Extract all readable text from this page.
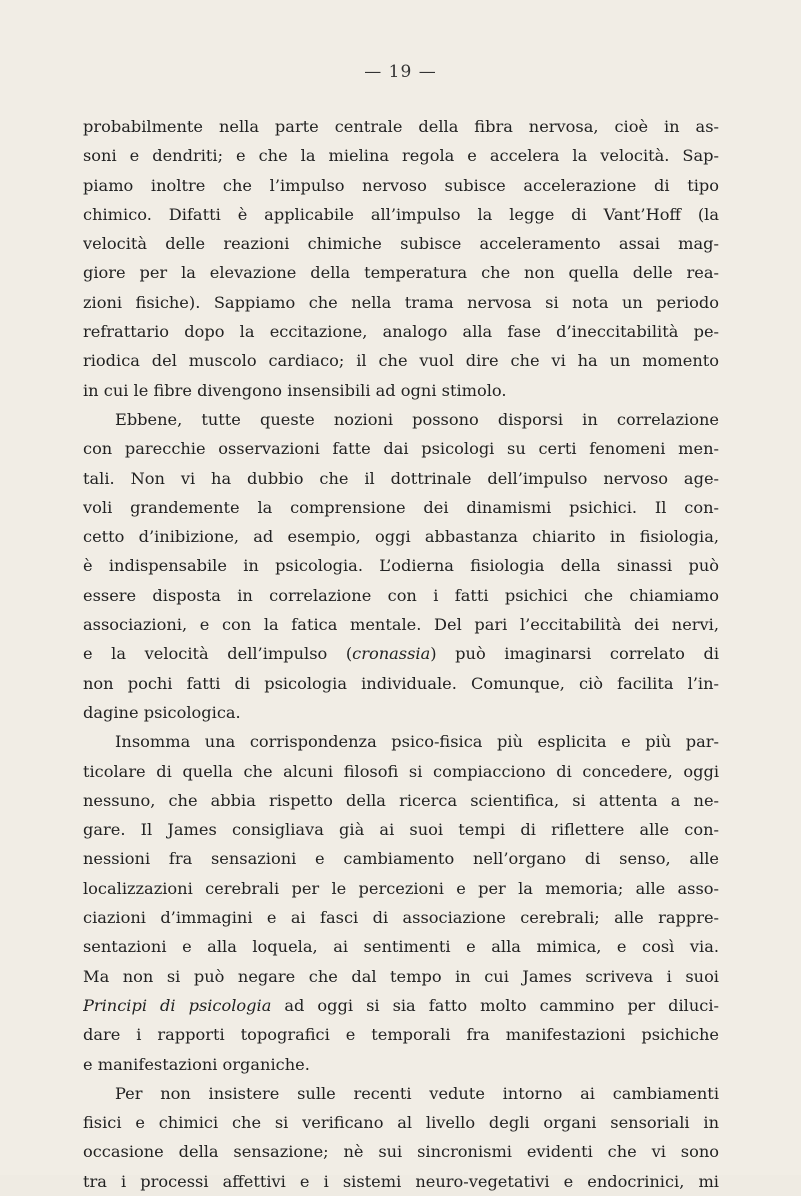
— 19 —
probabilmente nella parte centrale della fibra nervosa, cioè in as-
soni e dendriti; e che la mielina regola e accelera la velocità. Sap-
piamo inoltre che l’impulso nervoso subisce accelerazione di tipo
chimico. Difatti è applicabile all’impulso la legge di Vant’Hoff (la
velocità delle reazioni chimiche subisce acceleramento assai mag-
giore per la elevazione della temperatura che non quella delle rea-
zioni fisiche). Sappiamo che nella trama nervosa si nota un periodo
refrattario dopo la eccitazione, analogo alla fase d’ineccitabilità pe-
riodica del muscolo cardiaco; il che vuol dire che vi ha un momento
in cui le fibre divengono insensibili ad ogni stimolo.
Ebbene, tutte queste nozioni possono disporsi in correlazione
con parecchie osservazioni fatte dai psicologi su certi fenomeni men-
tali. Non vi ha dubbio che il dottrinale dell’impulso nervoso age-
voli grandemente la comprensione dei dinamismi psichici. Il con-
cetto d’inibizione, ad esempio, oggi abbastanza chiarito in fisiologia,
è indispensabile in psicologia. L’odierna fisiologia della sinassi può
essere disposta in correlazione con i fatti psichici che chiamiamo
associazioni, e con la fatica mentale. Del pari l’eccitabilità dei nervi,
e la velocità dell’impulso (cronassia) può imaginarsi correlato di
non pochi fatti di psicologia individuale. Comunque, ciò facilita l’in-
dagine psicologica.
Insomma una corrispondenza psico-fisica più esplicita e più par-
ticolare di quella che alcuni filosofi si compiacciono di concedere, oggi
nessuno, che abbia rispetto della ricerca scientifica, si attenta a ne-
gare. Il James consigliava già ai suoi tempi di riflettere alle con-
nessioni fra sensazioni e cambiamento nell’organo di senso, alle
localizzazioni cerebrali per le percezioni e per la memoria; alle asso-
ciazioni d’immagini e ai fasci di associazione cerebrali; alle rappre-
sentazioni e alla loquela, ai sentimenti e alla mimica, e così via.
Ma non si può negare che dal tempo in cui James scriveva i suoi
Principi di psicologia ad oggi si sia fatto molto cammino per diluci-
dare i rapporti topografici e temporali fra manifestazioni psichiche
e manifestazioni organiche.
Per non insistere sulle recenti vedute intorno ai cambiamenti
fisici e chimici che si verificano al livello degli organi sensoriali in
occasione della sensazione; nè sui sincronismi evidenti che vi sono
tra i processi affettivi e i sistemi neuro-vegetativi e endocrinici, mi
